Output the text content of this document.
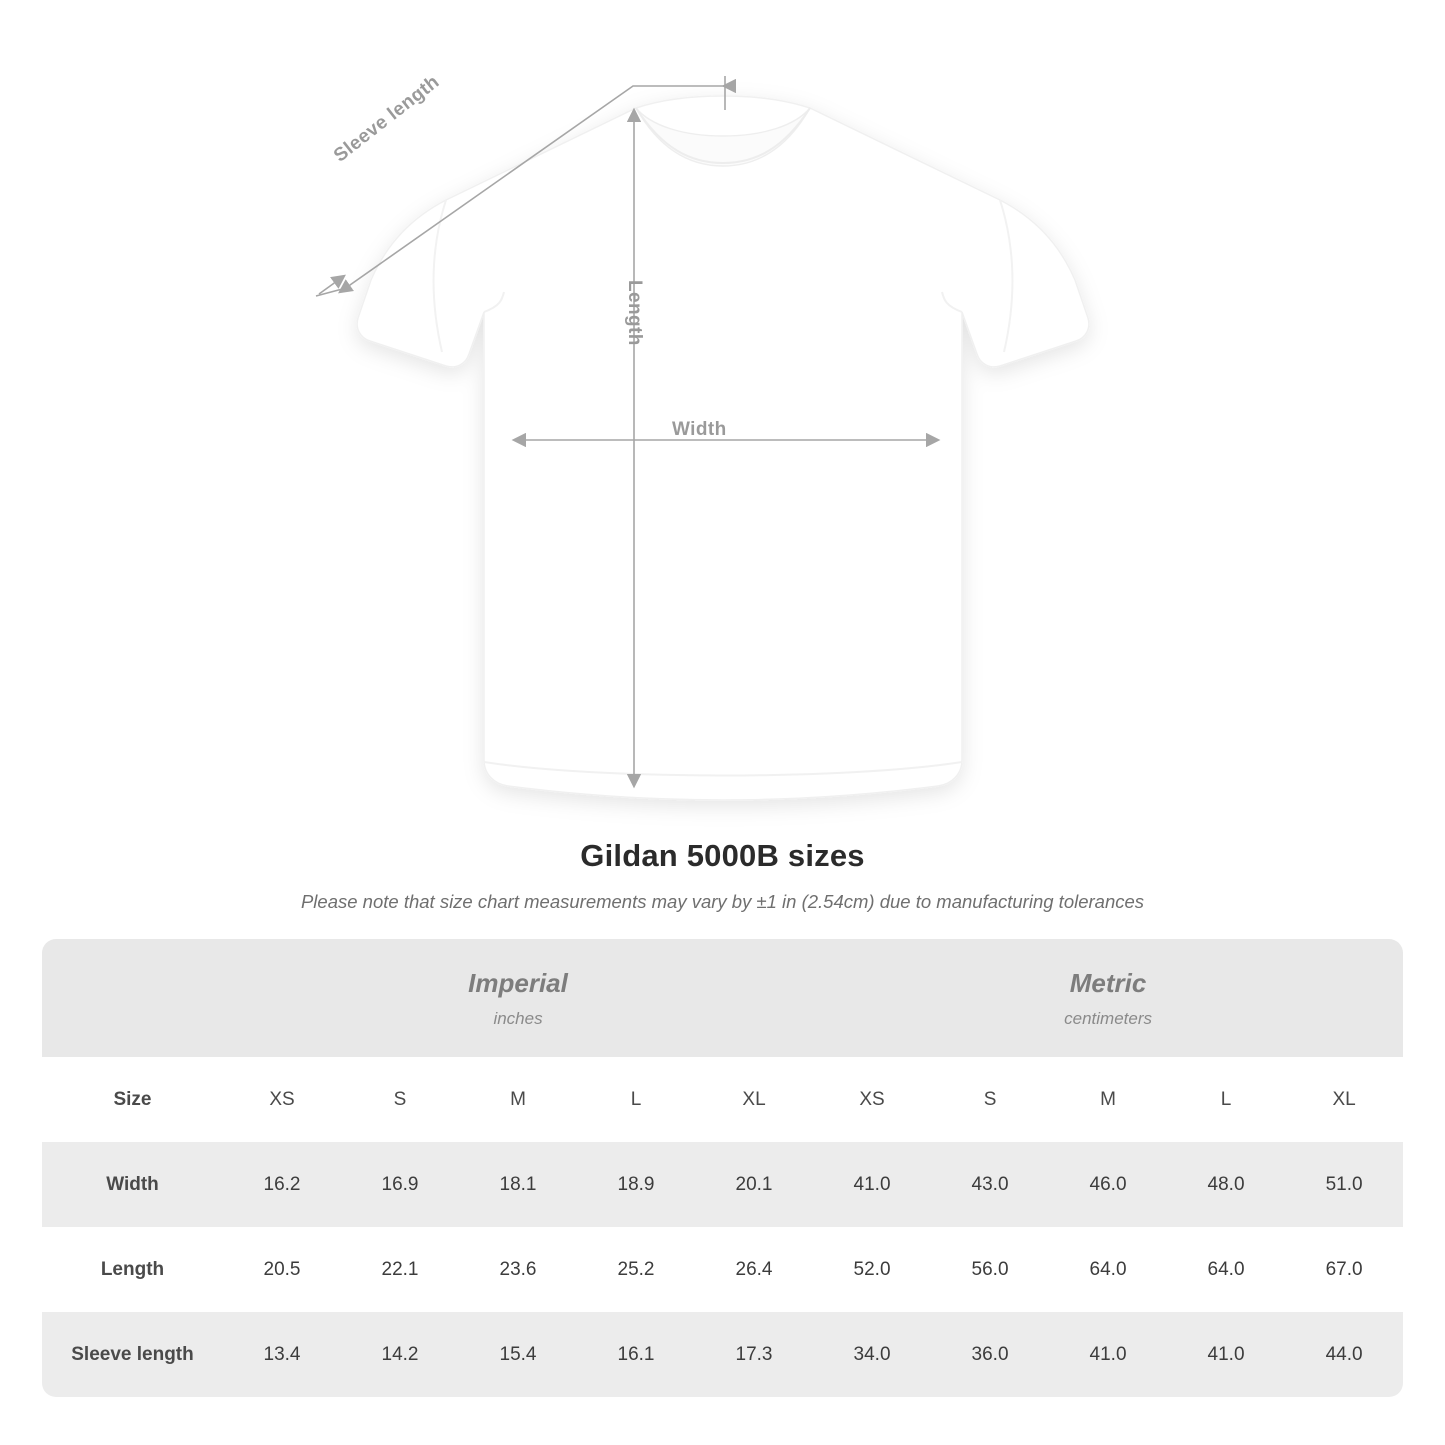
Sleeve length
Length
Width
Gildan 5000B sizes
Please note that size chart measurements may vary by ±1 in (2.54cm) due to manufacturing tolerances

Imperial
inches

Metric
centimeters

Size	XS	S	M	L	XL	XS	S	M	L	XL
Width	16.2	16.9	18.1	18.9	20.1	41.0	43.0	46.0	48.0	51.0
Length	20.5	22.1	23.6	25.2	26.4	52.0	56.0	64.0	64.0	67.0
Sleeve length	13.4	14.2	15.4	16.1	17.3	34.0	36.0	41.0	41.0	44.0
